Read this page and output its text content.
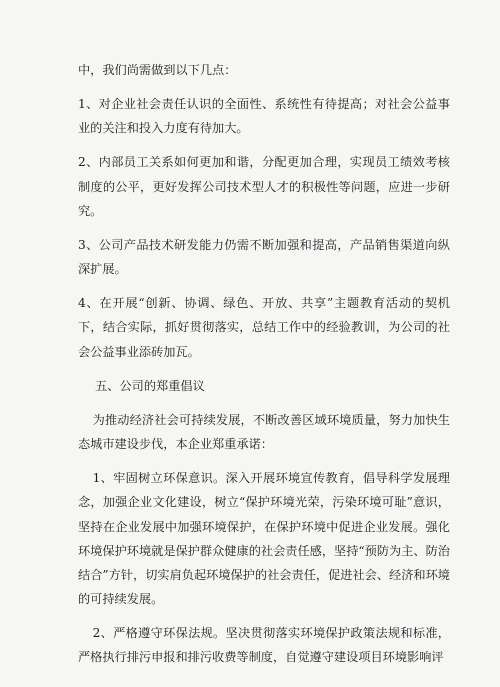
中，我们尚需做到以下几点：

1、对企业社会责任认识的全面性、系统性有待提高；对社会公益事业的关注和投入力度有待加大。

2、内部员工关系如何更加和谐，分配更加合理，实现员工绩效考核制度的公平，更好发挥公司技术型人才的积极性等问题，应进一步研究。

3、公司产品技术研发能力仍需不断加强和提高，产品销售渠道向纵深扩展。

4、在开展“创新、协调、绿色、开放、共享”主题教育活动的契机下，结合实际，抓好贯彻落实，总结工作中的经验教训，为公司的社会公益事业添砖加瓦。

五、公司的郑重倡议

为推动经济社会可持续发展，不断改善区域环境质量，努力加快生态城市建设步伐，本企业郑重承诺：

1、牢固树立环保意识。深入开展环境宣传教育，倡导科学发展理念，加强企业文化建设，树立“保护环境光荣，污染环境可耻”意识，坚持在企业发展中加强环境保护，在保护环境中促进企业发展。强化环境保护环境就是保护群众健康的社会责任感，坚持“预防为主、防治结合”方针，切实肩负起环境保护的社会责任，促进社会、经济和环境的可持续发展。

2、严格遵守环保法规。坚决贯彻落实环境保护政策法规和标准，严格执行排污申报和排污收费等制度，自觉遵守建设项目环境影响评
